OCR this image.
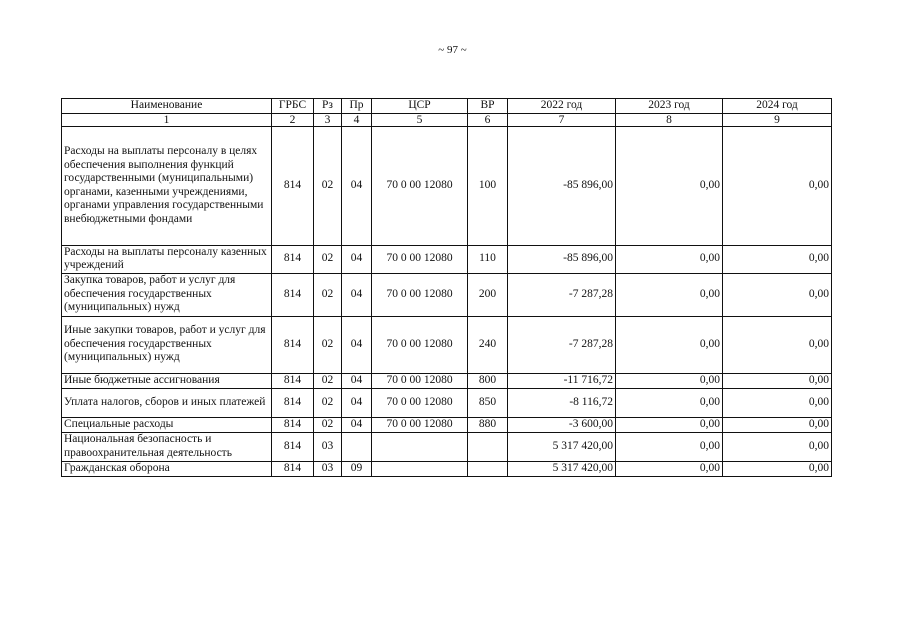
~ 97 ~
Наименование	ГРБС	Рз	Пр	ЦСР	ВР	2022 год	2023 год	2024 год
1	2	3	4	5	6	7	8	9
Расходы на выплаты персоналу в целях обеспечения выполнения функций государственными (муниципальными) органами, казенными учреждениями, органами управления государственными внебюджетными фондами	814	02	04	70 0 00 12080	100	-85 896,00	0,00	0,00
Расходы на выплаты персоналу казенных учреждений	814	02	04	70 0 00 12080	110	-85 896,00	0,00	0,00
Закупка товаров, работ и услуг для обеспечения государственных (муниципальных) нужд	814	02	04	70 0 00 12080	200	-7 287,28	0,00	0,00
Иные закупки товаров, работ и услуг для обеспечения государственных (муниципальных) нужд	814	02	04	70 0 00 12080	240	-7 287,28	0,00	0,00
Иные бюджетные ассигнования	814	02	04	70 0 00 12080	800	-11 716,72	0,00	0,00
Уплата налогов, сборов и иных платежей	814	02	04	70 0 00 12080	850	-8 116,72	0,00	0,00
Специальные расходы	814	02	04	70 0 00 12080	880	-3 600,00	0,00	0,00
Национальная безопасность и правоохранительная деятельность	814	03				5 317 420,00	0,00	0,00
Гражданская оборона	814	03	09			5 317 420,00	0,00	0,00
